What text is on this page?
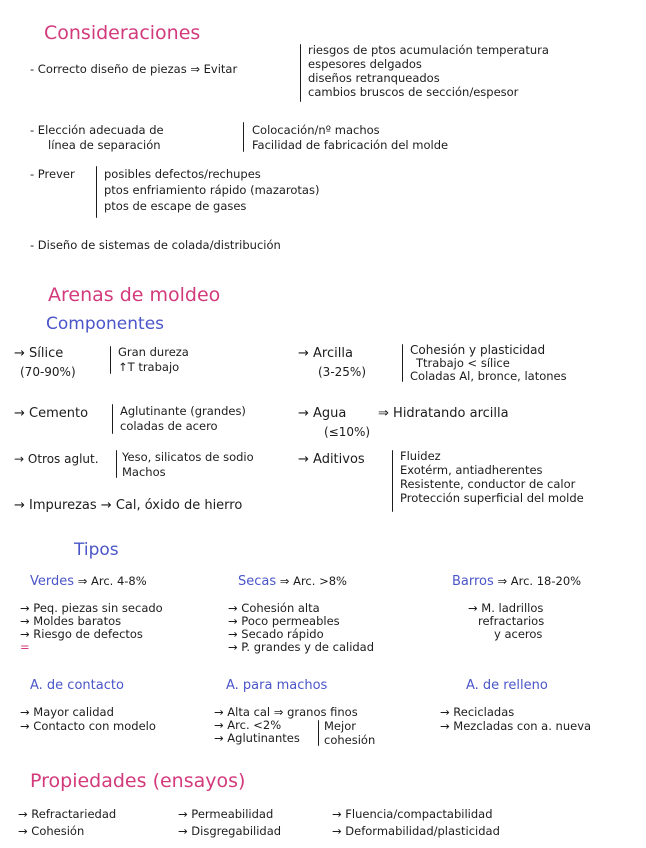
Consideraciones
- Correcto diseño de piezas ⇒ Evitar
riesgos de ptos acumulación temperatura
espesores delgados
diseños retranqueados
cambios bruscos de sección/espesor
- Elección adecuada de
línea de separación
Colocación/nº machos
Facilidad de fabricación del molde
- Prever	posibles defectos/rechupes
ptos enfriamiento rápido (mazarotas)
ptos de escape de gases
- Diseño de sistemas de colada/distribución
Arenas de moldeo
Componentes
→ Sílice
(70-90%)
Gran dureza
↑T trabajo
→ Arcilla
(3-25%)
Cohesión y plasticidad
Ttrabajo < sílice
Coladas Al, bronce, latones
→ Cemento	Aglutinante (grandes)
coladas de acero
→ Agua
(≤10%)
⇒ Hidratando arcilla
→ Otros aglut. Yeso, silicatos de sodio
Machos
→ Aditivos	Fluidez
Exotérm, antiadherentes
Resistente, conductor de calor
Protección superficial del molde
→ Impurezas → Cal, óxido de hierro
Tipos
Verdes ⇒ Arc. 4-8%
→ Peq. piezas sin secado
→ Moldes baratos
→ Riesgo de defectos
=
Secas ⇒ Arc. >8%
→ Cohesión alta
→ Poco permeables
→ Secado rápido
→ P. grandes y de calidad
Barros ⇒ Arc. 18-20%
→ M. ladrillos
refractarios
y aceros
A. de contacto
→ Mayor calidad
→ Contacto con modelo
A. para machos
→ Alta cal ⇒ granos finos
→ Arc. <2%
→ Aglutinantes
Mejor
cohesión
A. de relleno
→ Recicladas
→ Mezcladas con a. nueva
Propiedades (ensayos)
→ Refractariedad
→ Cohesión
→ Permeabilidad
→ Disgregabilidad
→ Fluencia/compactabilidad
→ Deformabilidad/plasticidad
